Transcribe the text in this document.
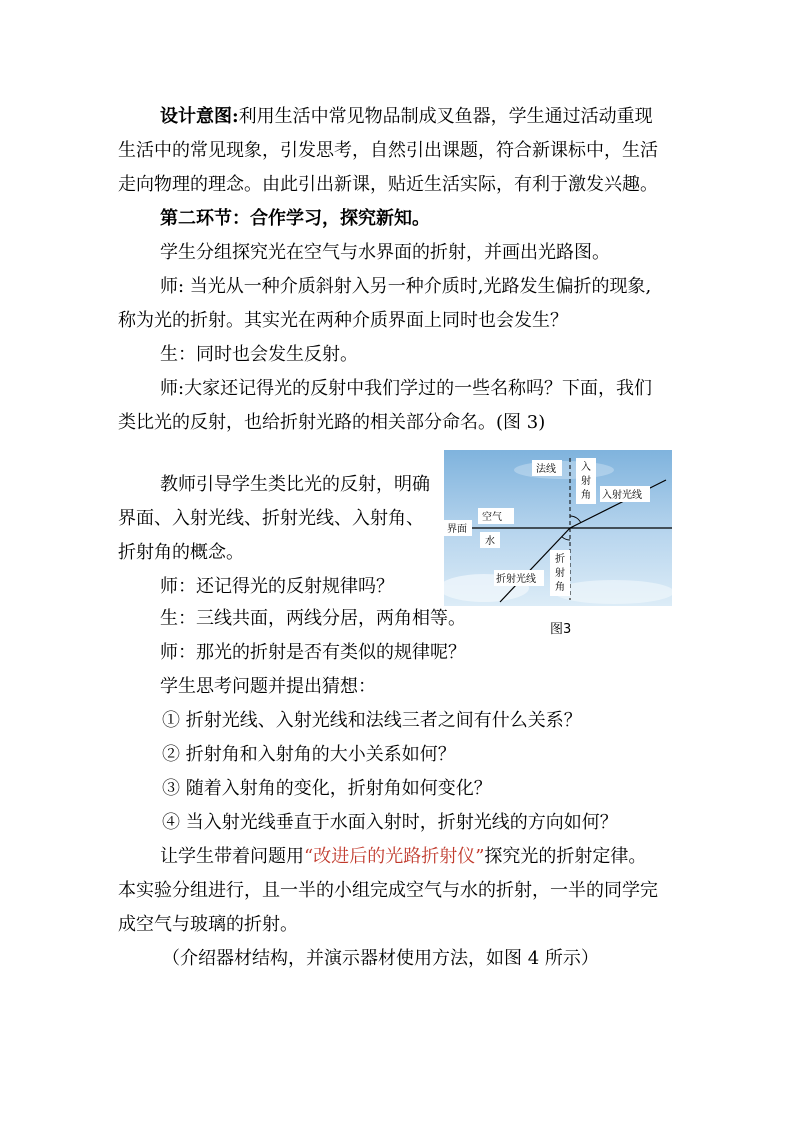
设计意图:利用生活中常见物品制成叉鱼器，学生通过活动重现
生活中的常见现象，引发思考，自然引出课题，符合新课标中，生活
走向物理的理念。由此引出新课，贴近生活实际，有利于激发兴趣。
第二环节：合作学习，探究新知。
学生分组探究光在空气与水界面的折射，并画出光路图。
师: 当光从一种介质斜射入另一种介质时,光路发生偏折的现象,
称为光的折射。其实光在两种介质界面上同时也会发生？
生：同时也会发生反射。
师:大家还记得光的反射中我们学过的一些名称吗？下面，我们
类比光的反射，也给折射光路的相关部分命名。(图 3)
教师引导学生类比光的反射，明确
界面、入射光线、折射光线、入射角、
折射角的概念。
师：还记得光的反射规律吗？
生：三线共面，两线分居，两角相等。
师：那光的折射是否有类似的规律呢？
学生思考问题并提出猜想：
① 折射光线、入射光线和法线三者之间有什么关系？
② 折射角和入射角的大小关系如何？
③ 随着入射角的变化，折射角如何变化？
④ 当入射光线垂直于水面入射时，折射光线的方向如何？
让学生带着问题用“改进后的光路折射仪”探究光的折射定律。
本实验分组进行，且一半的小组完成空气与水的折射，一半的同学完
成空气与玻璃的折射。
（介绍器材结构，并演示器材使用方法，如图 4 所示）
法线	入
射
角 入射光线
界面
空气
水
折
射
角
折射光线
图3
